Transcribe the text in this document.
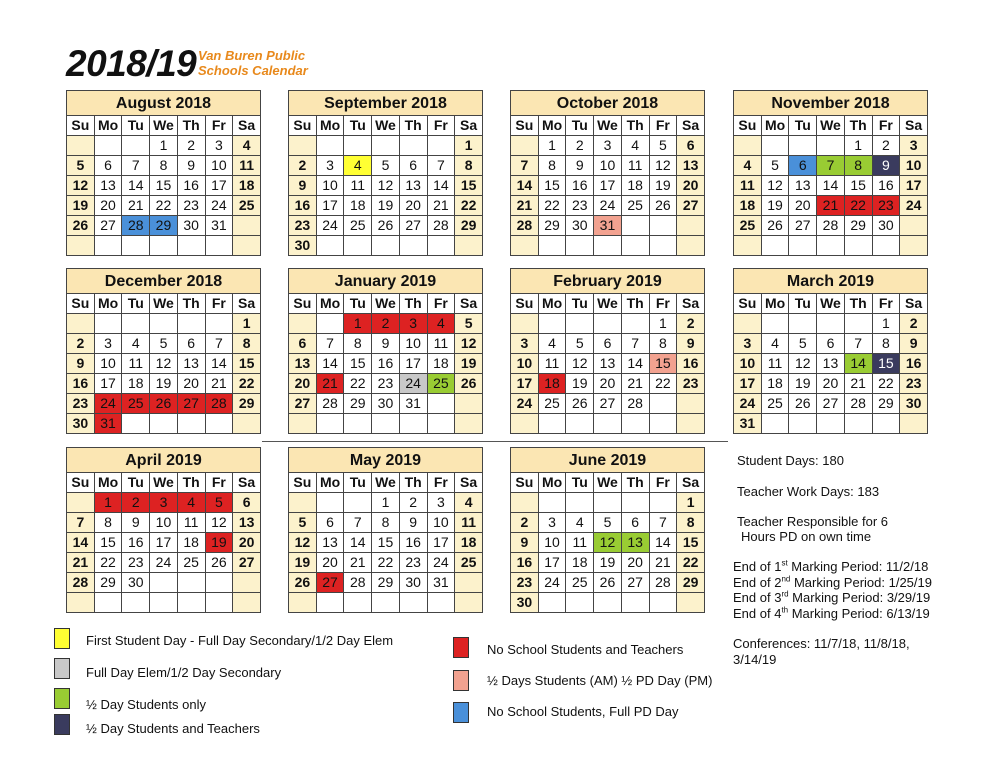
2018/19 Van Buren Public
Schools Calendar
August 2018
Su	Mo	Tu	We	Th	Fr	Sa
			1	2	3	4
5	6	7	8	9	10	11
12	13	14	15	16	17	18
19	20	21	22	23	24	25
26	27	28	29	30	31	

September 2018
Su	Mo	Tu	We	Th	Fr	Sa
						1
2	3	4	5	6	7	8
9	10	11	12	13	14	15
16	17	18	19	20	21	22
23	24	25	26	27	28	29
30						
October 2018
Su	Mo	Tu	We	Th	Fr	Sa
	1	2	3	4	5	6
7	8	9	10	11	12	13
14	15	16	17	18	19	20
21	22	23	24	25	26	27
28	29	30	31			

November 2018
Su	Mo	Tu	We	Th	Fr	Sa
				1	2	3
4	5	6	7	8	9	10
11	12	13	14	15	16	17
18	19	20	21	22	23	24
25	26	27	28	29	30	

December 2018
Su	Mo	Tu	We	Th	Fr	Sa
						1
2	3	4	5	6	7	8
9	10	11	12	13	14	15
16	17	18	19	20	21	22
23	24	25	26	27	28	29
30	31					
January 2019
Su	Mo	Tu	We	Th	Fr	Sa
		1	2	3	4	5
6	7	8	9	10	11	12
13	14	15	16	17	18	19
20	21	22	23	24	25	26
27	28	29	30	31		

February 2019
Su	Mo	Tu	We	Th	Fr	Sa
					1	2
3	4	5	6	7	8	9
10	11	12	13	14	15	16
17	18	19	20	21	22	23
24	25	26	27	28		

March 2019
Su	Mo	Tu	We	Th	Fr	Sa
					1	2
3	4	5	6	7	8	9
10	11	12	13	14	15	16
17	18	19	20	21	22	23
24	25	26	27	28	29	30
31						
April 2019
Su	Mo	Tu	We	Th	Fr	Sa
	1	2	3	4	5	6
7	8	9	10	11	12	13
14	15	16	17	18	19	20
21	22	23	24	25	26	27
28	29	30				

May 2019
Su	Mo	Tu	We	Th	Fr	Sa
			1	2	3	4
5	6	7	8	9	10	11
12	13	14	15	16	17	18
19	20	21	22	23	24	25
26	27	28	29	30	31	

June 2019
Su	Mo	Tu	We	Th	Fr	Sa
						1
2	3	4	5	6	7	8
9	10	11	12	13	14	15
16	17	18	19	20	21	22
23	24	25	26	27	28	29
30						
First Student Day - Full Day Secondary/1/2 Day Elem
Full Day Elem/1/2 Day Secondary
½ Day Students only
½ Day Students and Teachers
No School Students and Teachers
½ Days Students (AM) ½ PD Day (PM)
No School Students, Full PD Day
Student Days: 180
Teacher Work Days: 183
Teacher Responsible for 6
Hours PD on own time
End of 1st Marking Period: 11/2/18
End of 2nd Marking Period: 1/25/19
End of 3rd Marking Period: 3/29/19
End of 4th Marking Period: 6/13/19
Conferences: 11/7/18, 11/8/18,
3/14/19
